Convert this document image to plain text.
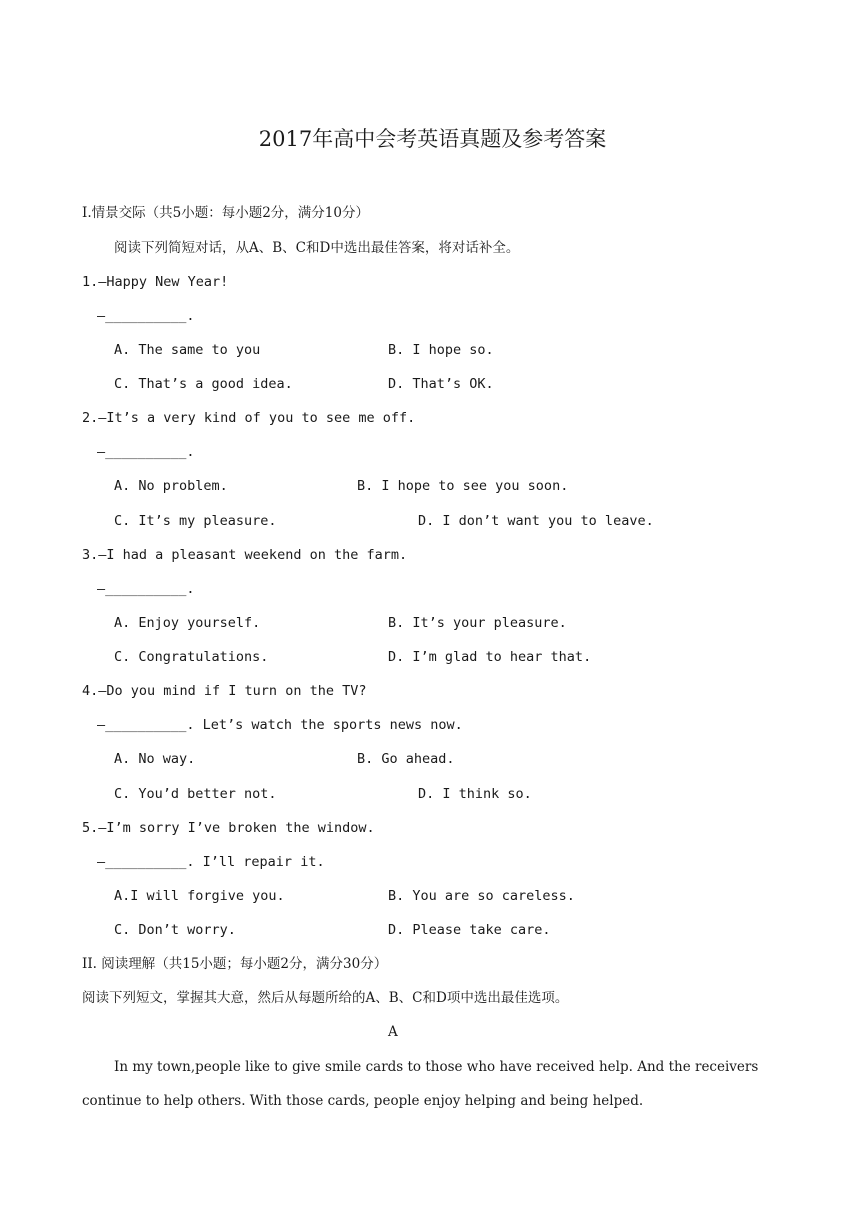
2017年高中会考英语真题及参考答案
I.情景交际（共5小题：每小题2分，满分10分）
阅读下列简短对话，从A、B、C和D中选出最佳答案，将对话补全。
1.—Happy New Year!
—__________.
A. The same to you	B. I hope so.
C. That’s a good idea.	D. That’s OK.
2.—It’s a very kind of you to see me off.
—__________.
A. No problem.	B. I hope to see you soon.
C. It’s my pleasure.	D. I don’t want you to leave.
3.—I had a pleasant weekend on the farm.
—__________.
A. Enjoy yourself.	B. It’s your pleasure.
C. Congratulations.	D. I’m glad to hear that.
4.—Do you mind if I turn on the TV?
—__________. Let’s watch the sports news now.
A. No way.	B. Go ahead.
C. You’d better not.	D. I think so.
5.—I’m sorry I’ve broken the window.
—__________. I’ll repair it.
A.I will forgive you.	B. You are so careless.
C. Don’t worry.	D. Please take care.
II. 阅读理解（共15小题；每小题2分，满分30分）
阅读下列短文，掌握其大意，然后从每题所给的A、B、C和D项中选出最佳选项。
A
In my town,people like to give smile cards to those who have received help. And the receivers
continue to help others. With those cards, people enjoy helping and being helped.
